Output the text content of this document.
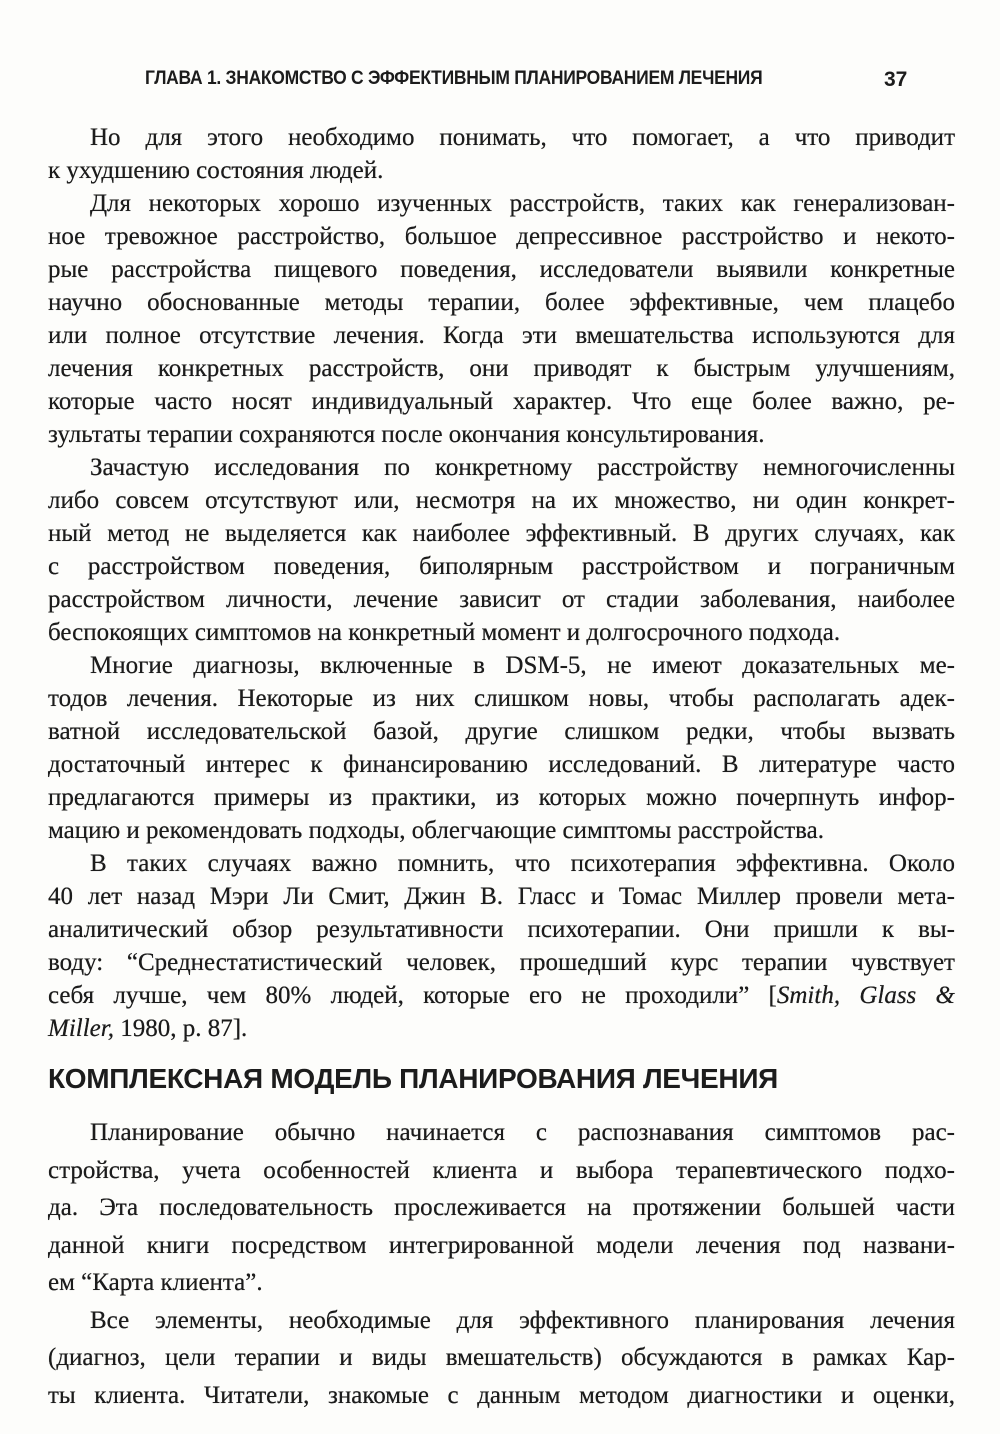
ГЛАВА 1. ЗНАКОМСТВО С ЭФФЕКТИВНЫМ ПЛАНИРОВАНИЕМ ЛЕЧЕНИЯ	37
Но для этого необходимо понимать, что помогает, а что приводит
к ухудшению состояния людей.
Для некоторых хорошо изученных расстройств, таких как генерализован-
ное тревожное расстройство, большое депрессивное расстройство и некото-
рые расстройства пищевого поведения, исследователи выявили конкретные
научно обоснованные методы терапии, более эффективные, чем плацебо
или полное отсутствие лечения. Когда эти вмешательства используются для
лечения конкретных расстройств, они приводят к быстрым улучшениям,
которые часто носят индивидуальный характер. Что еще более важно, ре-
зультаты терапии сохраняются после окончания консультирования.
Зачастую исследования по конкретному расстройству немногочисленны
либо совсем отсутствуют или, несмотря на их множество, ни один конкрет-
ный метод не выделяется как наиболее эффективный. В других случаях, как
с расстройством поведения, биполярным расстройством и пограничным
расстройством личности, лечение зависит от стадии заболевания, наиболее
беспокоящих симптомов на конкретный момент и долгосрочного подхода.
Многие диагнозы, включенные в DSM-5, не имеют доказательных ме-
тодов лечения. Некоторые из них слишком новы, чтобы располагать адек-
ватной исследовательской базой, другие слишком редки, чтобы вызвать
достаточный интерес к финансированию исследований. В литературе часто
предлагаются примеры из практики, из которых можно почерпнуть инфор-
мацию и рекомендовать подходы, облегчающие симптомы расстройства.
В таких случаях важно помнить, что психотерапия эффективна. Около
40 лет назад Мэри Ли Смит, Джин В. Гласс и Томас Миллер провели мета-
аналитический обзор результативности психотерапии. Они пришли к вы-
воду: “Среднестатистический человек, прошедший курс терапии чувствует
себя лучше, чем 80% людей, которые его не проходили” [Smith, Glass &
Miller, 1980, p. 87].
КОМПЛЕКСНАЯ МОДЕЛЬ ПЛАНИРОВАНИЯ ЛЕЧЕНИЯ
Планирование обычно начинается с распознавания симптомов рас-
стройства, учета особенностей клиента и выбора терапевтического подхо-
да. Эта последовательность прослеживается на протяжении большей части
данной книги посредством интегрированной модели лечения под названи-
ем “Карта клиента”.
Все элементы, необходимые для эффективного планирования лечения
(диагноз, цели терапии и виды вмешательств) обсуждаются в рамках Кар-
ты клиента. Читатели, знакомые с данным методом диагностики и оценки,
